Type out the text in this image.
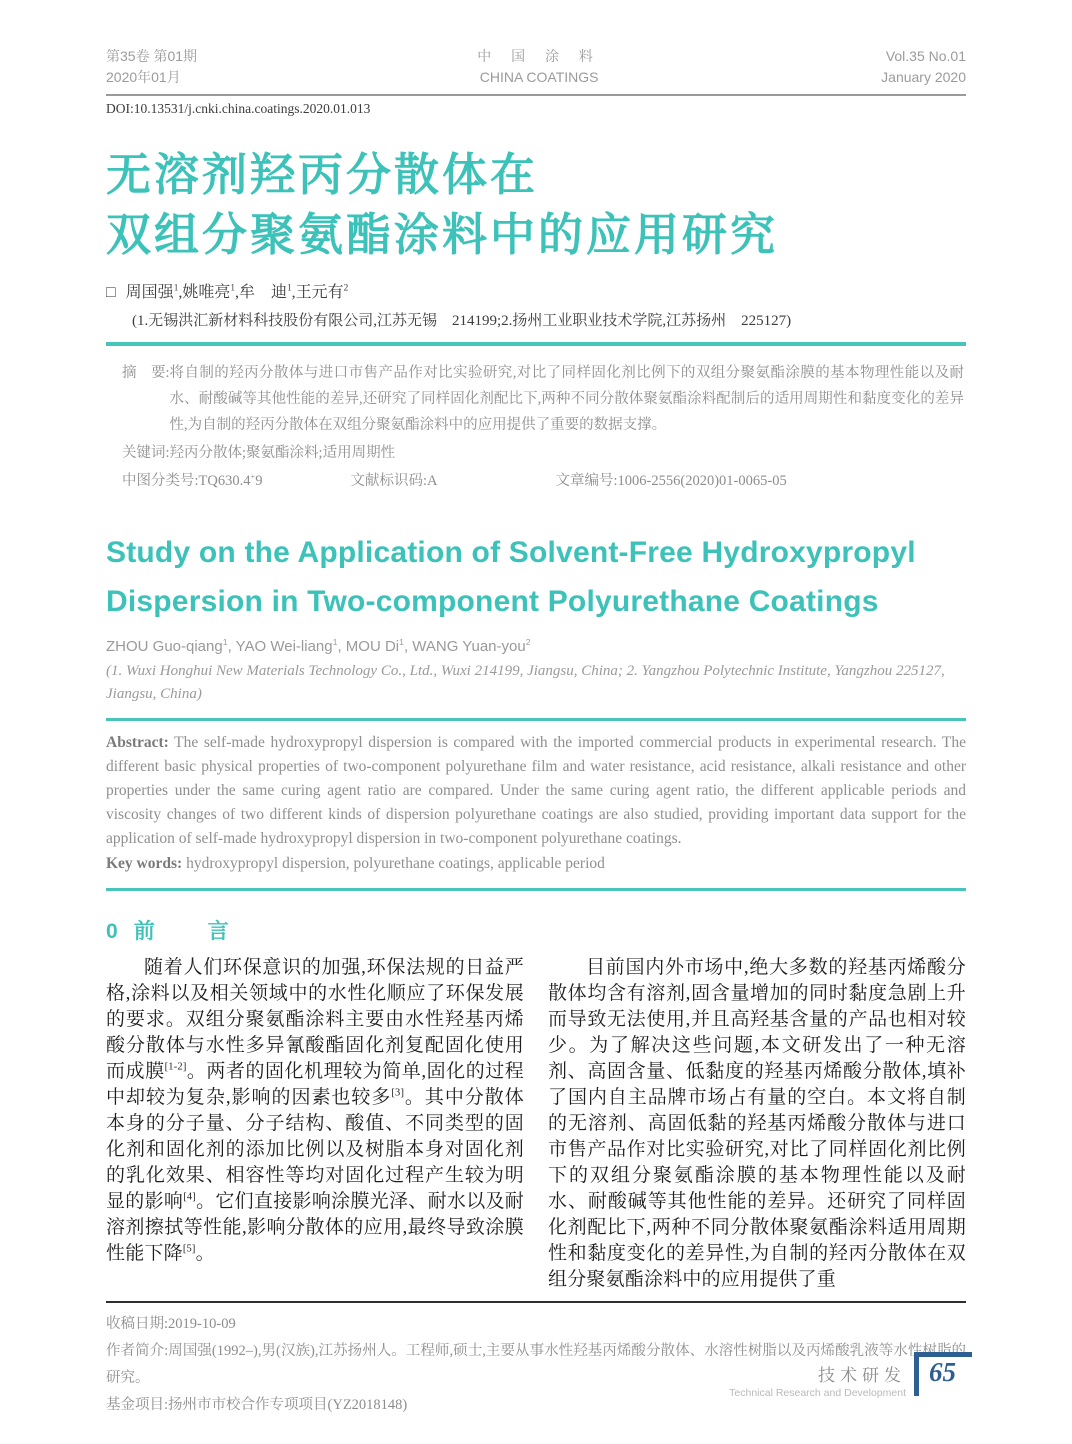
第35卷 第01期
2020年01月
中 国 涂 料
CHINA COATINGS
Vol.35 No.01
January 2020
DOI:10.13531/j.cnki.china.coatings.2020.01.013
无溶剂羟丙分散体在
双组分聚氨酯涂料中的应用研究
□ 周国强$^1$,姚唯亮$^1$,牟　迪$^1$,王元有$^2$
(1.无锡洪汇新材料科技股份有限公司,江苏无锡　214199;2.扬州工业职业技术学院,江苏扬州　225127)
摘　要: 将自制的羟丙分散体与进口市售产品作对比实验研究,对比了同样固化剂比例下的双组分聚氨酯涂膜的基本物理性能以及耐水、耐酸碱等其他性能的差异,还研究了同样固化剂配比下,两种不同分散体聚氨酯涂料配制后的适用周期性和黏度变化的差异性,为自制的羟丙分散体在双组分聚氨酯涂料中的应用提供了重要的数据支撑。
关键词:羟丙分散体;聚氨酯涂料;适用周期性
中图分类号:TQ630.4+9	文献标识码:A	文章编号:1006-2556(2020)01-0065-05
Study on the Application of Solvent-Free Hydroxypropyl
Dispersion in Two-component Polyurethane Coatings
ZHOU Guo-qiang$^1$, YAO Wei-liang$^1$, MOU Di$^1$, WANG Yuan-you$^2$
(1. Wuxi Honghui New Materials Technology Co., Ltd., Wuxi 214199, Jiangsu, China; 2. Yangzhou Polytechnic Institute, Yangzhou 225127, Jiangsu, China)
Abstract: The self-made hydroxypropyl dispersion is compared with the imported commercial products in experimental research. The different basic physical properties of two-component polyurethane film and water resistance, acid resistance, alkali resistance and other properties under the same curing agent ratio are compared. Under the same curing agent ratio, the different applicable periods and viscosity changes of two different kinds of dispersion polyurethane coatings are also studied, providing important data support for the application of self-made hydroxypropyl dispersion in two-component polyurethane coatings.
Key words: hydroxypropyl dispersion, polyurethane coatings, applicable period
0 前　言

随着人们环保意识的加强,环保法规的日益严格,涂料以及相关领域中的水性化顺应了环保发展的要求。双组分聚氨酯涂料主要由水性羟基丙烯酸分散体与水性多异氰酸酯固化剂复配固化使用而成膜[1-2]。两者的固化机理较为简单,固化的过程中却较为复杂,影响的因素也较多[3]。其中分散体本身的分子量、分子结构、酸值、不同类型的固化剂和固化剂的添加比例以及树脂本身对固化剂的乳化效果、相容性等均对固化过程产生较为明显的影响[4]。它们直接影响涂膜光泽、耐水以及耐溶剂擦拭等性能,影响分散体的应用,最终导致涂膜性能下降[5]。

目前国内外市场中,绝大多数的羟基丙烯酸分散体均含有溶剂,固含量增加的同时黏度急剧上升而导致无法使用,并且高羟基含量的产品也相对较少。为了解决这些问题,本文研发出了一种无溶剂、高固含量、低黏度的羟基丙烯酸分散体,填补了国内自主品牌市场占有量的空白。本文将自制的无溶剂、高固低黏的羟基丙烯酸分散体与进口市售产品作对比实验研究,对比了同样固化剂比例下的双组分聚氨酯涂膜的基本物理性能以及耐水、耐酸碱等其他性能的差异。还研究了同样固化剂配比下,两种不同分散体聚氨酯涂料适用周期性和黏度变化的差异性,为自制的羟丙分散体在双组分聚氨酯涂料中的应用提供了重

收稿日期:2019-10-09
作者简介:周国强(1992–),男(汉族),江苏扬州人。工程师,硕士,主要从事水性羟基丙烯酸分散体、水溶性树脂以及丙烯酸乳液等水性树脂的研究。
基金项目:扬州市市校合作专项项目(YZ2018148)
技术研发
Technical Research and Development
65
